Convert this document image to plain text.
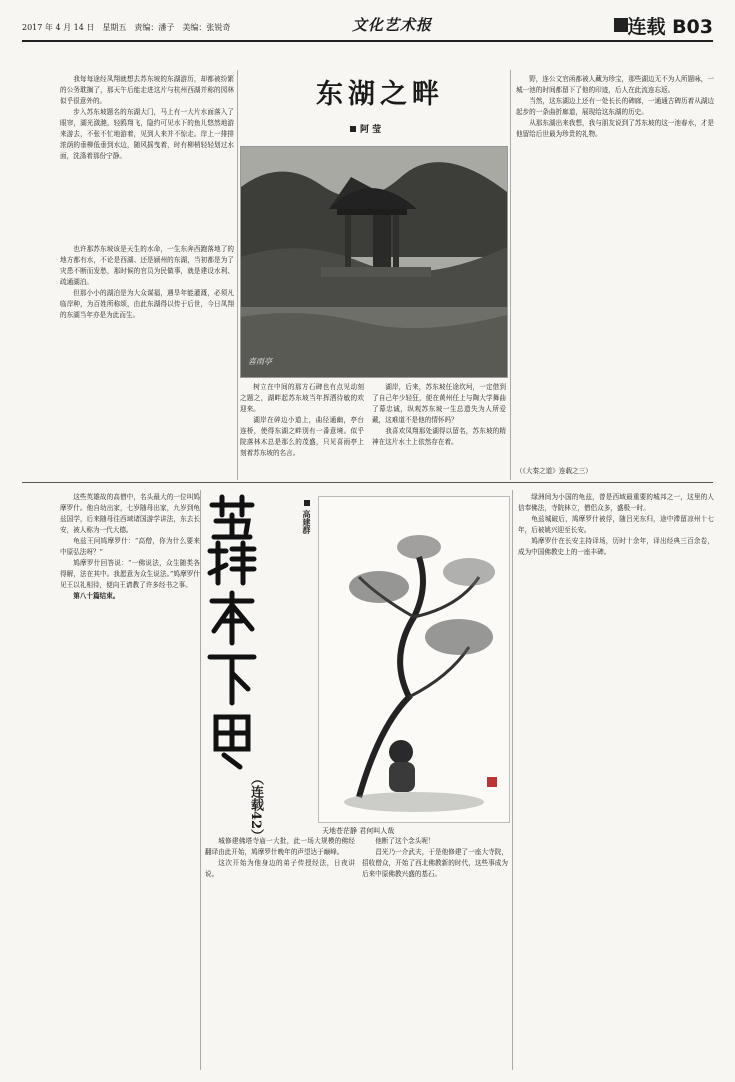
2017 年 4 月 14 日　星期五　责编：潘子　美编：张锐奇	文化艺术报	连载 B03

我每每途经凤翔就想去苏东坡的东湖游历，却都被纷繁的公务耽搁了，那天午后能走进这片与杭州西湖并称的园林似乎很意外的。

步入苏东坡题名的东湖大门，马上有一大片水面落入了眼帘，湖光潋滟，轻鸥翔飞，隐约可见水下的鱼儿悠然地游来游去，不张不忙地游着，见到人来并不惊走。岸上一排排浓荫的垂柳低垂到水边，随风摇曳着，时有柳梢轻轻划过水面，洗涤着那份宁静。

也许那苏东坡该是天生的水命，一生东奔西跑落地了的地方都有水，不论是西湖、还是颍州的东湖，当初都是为了灾患不断而发愁，那时候的官员为民做事，就是建设水利、疏通湖泊。

但那小小的湖泊是为大众谋福，遇旱年能灌溉，必须凡临岸种，为百姓所称颂，由此东湖得以传于后世，今日凤翔的东湖当年亦是为此而生。

东湖之畔
阿 莹
喜雨亭

树立在中间的那方石碑也有点见动刻之题之，湖畔起苏东坡当年挥洒待敏的欢迎来。

湖岸在碎边小道上，曲径通幽，亭台连桥，使得东湖之畔别有一番意境。似乎院落林木总是那么的茂盛，只见喜雨亭上刻着苏东坡的名言。

湖岸，后来，苏东坡任途坎坷，一定借到了自己年少轻狂，便在黄州任上与陶大学舞曲了幕忠诚，纵观苏东坡一生总遗失为人所爱戴，这难道不是他的情怀吗？

我喜欢凤翔那处湖得以留名，苏东坡的精神在这片水土上依然存在着。

野，连公文官函都被人藏为珍宝，那些湖边无不为人所题咏，一城一池的时间都留下了他的印迹，后人在此流连忘返。

当然，这东湖边上还有一处长长的碑廊，一通通古碑历着从湖边起步的一条曲折廊道，展现给这东湖的历史。

从那东湖出来我想，我与朋友说到了苏东坡的这一池春水，才是他留给后世最为珍贵的礼物。

（《大秦之道》连载之三）

这些英雄故的高僧中，名头最大的一位叫鸠摩罗什。他自幼出家，七岁随母出家，九岁到龟兹国学，后来随母往西域诸国游学讲法，东去长安，被人称为一代大德。

龟兹王问鸠摩罗什：“高僧，你为什么要来中原弘法呀？”

鸠摩罗什回答说：“一佛说法，众生随类各得解，法在其中。我愿意为众生说法。”鸠摩罗什见王以礼相待，便向王请教了许多经书之事。

第八十篇结束。

（连载42）
高建群
天地苍茫静 君何叫人哉

城修建佛塔寺庙一大批，此一场大规模的佛经翻译由此开始，鸠摩罗什晚年的声望达于巅峰。

这次开始为他身边的弟子传授经法，日夜讲说。

他断了这个念头呢！

昌光乃一介武夫，于是他修建了一座大寺院，招收僧众，开始了西北佛教新的时代，这些事成为后来中原佛教兴盛的基石。

绿洲间为小国的龟兹，曾是西域最重要的城邦之一，这里的人信奉佛法，寺院林立，僧侣众多，盛极一时。

龟兹城破后，鸠摩罗什被俘，随吕光东归，途中滞留凉州十七年，后被姚兴迎至长安。

鸠摩罗什在长安主持译场，历时十余年，译出经典三百余卷，成为中国佛教史上的一座丰碑。
